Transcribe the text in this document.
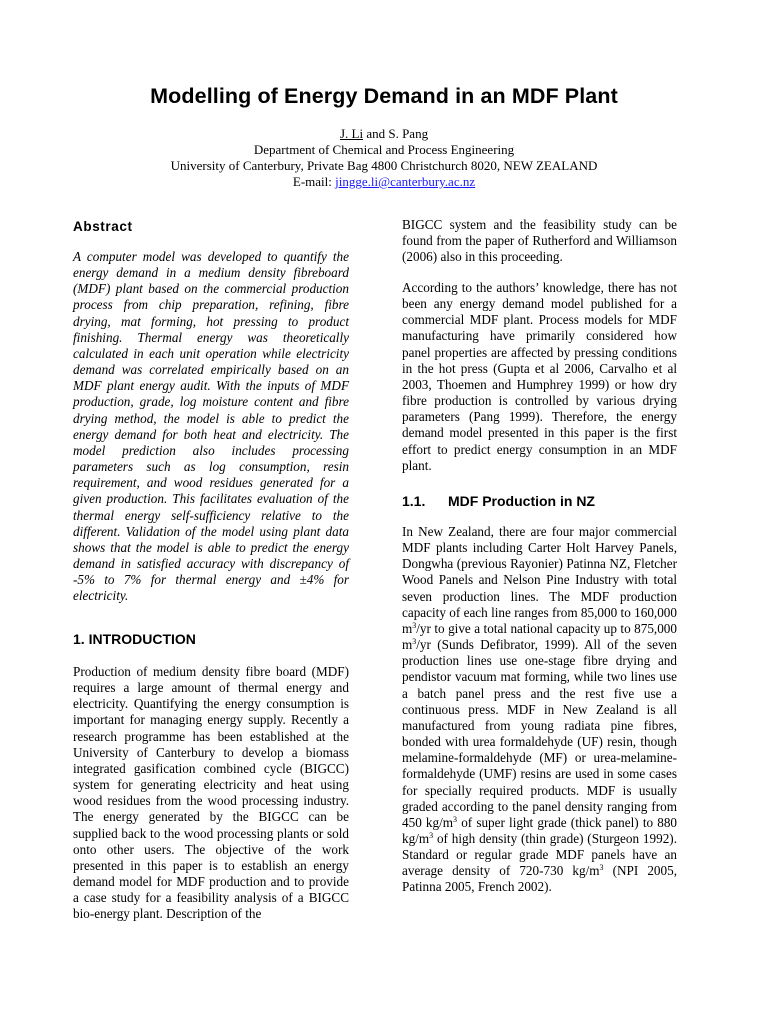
Modelling of Energy Demand in an MDF Plant
J. Li and S. Pang
Department of Chemical and Process Engineering
University of Canterbury, Private Bag 4800 Christchurch 8020, NEW ZEALAND
E-mail: jingge.li@canterbury.ac.nz
Abstract

A computer model was developed to quantify the energy demand in a medium density fibreboard (MDF) plant based on the commercial production process from chip preparation, refining, fibre drying, mat forming, hot pressing to product finishing. Thermal energy was theoretically calculated in each unit operation while electricity demand was correlated empirically based on an MDF plant energy audit. With the inputs of MDF production, grade, log moisture content and fibre drying method, the model is able to predict the energy demand for both heat and electricity. The model prediction also includes processing parameters such as log consumption, resin requirement, and wood residues generated for a given production. This facilitates evaluation of the thermal energy self-sufficiency relative to the different. Validation of the model using plant data shows that the model is able to predict the energy demand in satisfied accuracy with discrepancy of -5% to 7% for thermal energy and ±4% for electricity.

1. INTRODUCTION

Production of medium density fibre board (MDF) requires a large amount of thermal energy and electricity. Quantifying the energy consumption is important for managing energy supply. Recently a research programme has been established at the University of Canterbury to develop a biomass integrated gasification combined cycle (BIGCC) system for generating electricity and heat using wood residues from the wood processing industry. The energy generated by the BIGCC can be supplied back to the wood processing plants or sold onto other users. The objective of the work presented in this paper is to establish an energy demand model for MDF production and to provide a case study for a feasibility analysis of a BIGCC bio-energy plant. Description of the

BIGCC system and the feasibility study can be found from the paper of Rutherford and Williamson (2006) also in this proceeding.

According to the authors’ knowledge, there has not been any energy demand model published for a commercial MDF plant. Process models for MDF manufacturing have primarily considered how panel properties are affected by pressing conditions in the hot press (Gupta et al 2006, Carvalho et al 2003, Thoemen and Humphrey 1999) or how dry fibre production is controlled by various drying parameters (Pang 1999). Therefore, the energy demand model presented in this paper is the first effort to predict energy consumption in an MDF plant.

1.1. MDF Production in NZ

In New Zealand, there are four major commercial MDF plants including Carter Holt Harvey Panels, Dongwha (previous Rayonier) Patinna NZ, Fletcher Wood Panels and Nelson Pine Industry with total seven production lines. The MDF production capacity of each line ranges from 85,000 to 160,000 $m^3/yr$ to give a total national capacity up to 875,000 $m^3/yr$ (Sunds Defibrator, 1999). All of the seven production lines use one-stage fibre drying and pendistor vacuum mat forming, while two lines use a batch panel press and the rest five use a continuous press. MDF in New Zealand is all manufactured from young radiata pine fibres, bonded with urea formaldehyde (UF) resin, though melamine-formaldehyde (MF) or urea-melamine-formaldehyde (UMF) resins are used in some cases for specially required products. MDF is usually graded according to the panel density ranging from 450 $kg/m^3$ of super light grade (thick panel) to 880 $kg/m^3$ of high density (thin grade) (Sturgeon 1992). Standard or regular grade MDF panels have an average density of 720-730 $kg/m^3$ (NPI 2005, Patinna 2005, French 2002).
